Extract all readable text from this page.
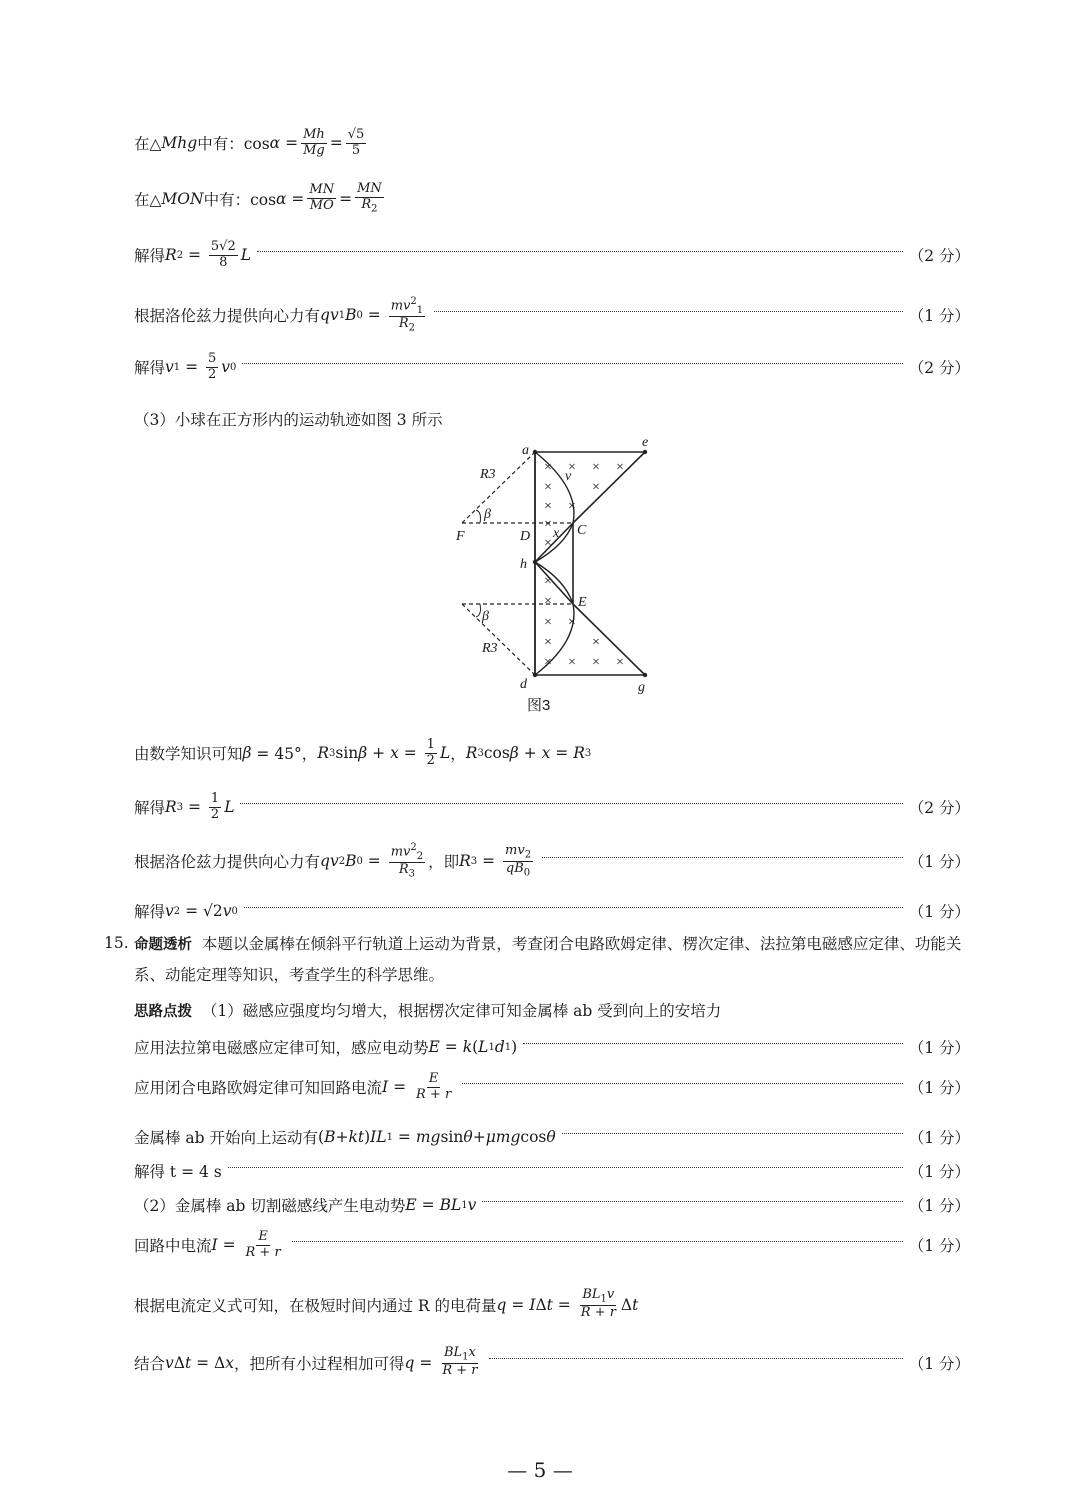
在△ Mhg 中有：$\cos \alpha = \frac{Mh}{Mg} = √5$
5
在△ MON 中有：$\cos \alpha = \frac{MN}{MO}$ =
MN
$R_2$
解得 R 2 = 5√2
8 L	（2 分）
根据洛伦兹力提供向心力有 qv 1 B 0 =
$mv^2_1$
$R_2$
（1 分）
解得 v 1 = 5
2 v 0	（2 分）
（3）小球在正方形内的运动轨迹如图 3 所示
× × × ×
×	×
×
×
×
×
×
×
× ×
×	×
× × × ×
a
e
R3	v
β
F	D x C
h
E
β
R3
d	g
图3
由数学知识可知 β = 45°， R 3 sin β + x = 1
2 L ， R 3 cos β + x = R 3
解得 R 3 = 1
2 L	（2 分）
根据洛伦兹力提供向心力有 qv 2 B 0 =
$mv^2_2$
$R_3$
，即 R 3 =
$mv_2$
$qB_0$
（1 分）
解得 v 2 = √2 v 0	（1 分）
15. 命题透析 本题以金属棒在倾斜平行轨道上运动为背景，考查闭合电路欧姆定律、楞次定律、法拉第电磁感应定律、功能关系、动能定理等知识，考查学生的科学思维。
思路点拨 （1）磁感应强度均匀增大，根据楞次定律可知金属棒 ab 受到向上的安培力
应用法拉第电磁感应定律可知，感应电动势 E = k ( L 1 d 1 )	（1 分）
应用闭合电路欧姆定律可知回路电流 I = E
R + r	（1 分）
金属棒 ab 开始向上运动有 ( B + kt ) IL 1 = mg sin θ + μmg cos θ	（1 分）
解得 t = 4 s	（1 分）
（2）金属棒 ab 切割磁感线产生电动势 E = BL 1 v	（1 分）
回路中电流 I = E
R + r	（1 分）
根据电流定义式可知，在极短时间内通过 R 的电荷量 q = I Δ t =
$BL_1v$
R + r Δ t
结合 v Δ t = Δ x ，把所有小过程相加可得 q =
$BL_1x$
R + r	（1 分）
— 5 —
